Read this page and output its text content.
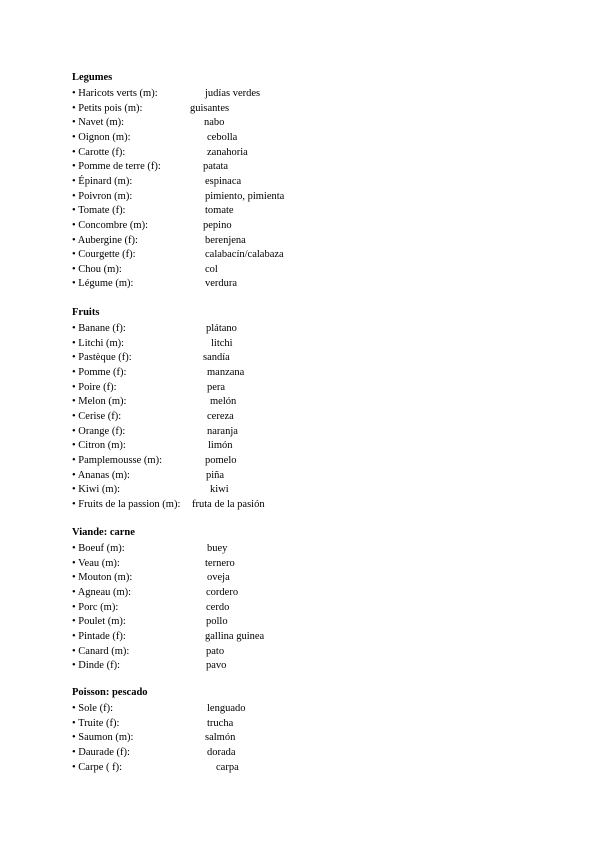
Legumes
• Haricots verts (m):	judías verdes
• Petits pois (m):	guisantes
• Navet (m):	nabo
• Oignon (m):	cebolla
• Carotte (f):	zanahoria
• Pomme de terre (f):	patata
• Épinard (m):	espinaca
• Poivron (m):	pimiento, pimienta
• Tomate (f):	tomate
• Concombre (m):	pepino
• Aubergine (f):	berenjena
• Courgette (f):	calabacín/calabaza
• Chou (m):	col
• Légume (m):	verdura
Fruits
• Banane (f):	plátano
• Litchi (m):	litchi
• Pastèque (f):	sandía
• Pomme (f):	manzana
• Poire (f):	pera
• Melon (m):	melón
• Cerise (f):	cereza
• Orange (f):	naranja
• Citron (m):	limón
• Pamplemousse (m):	pomelo
• Ananas (m):	piña
• Kiwi (m):	kiwi
• Fruits de la passion (m): fruta de la pasión
Viande: carne
• Boeuf (m):	buey
• Veau (m):	ternero
• Mouton (m):	oveja
• Agneau (m):	cordero
• Porc (m):	cerdo
• Poulet (m):	pollo
• Pintade (f):	gallina guinea
• Canard (m):	pato
• Dinde (f):	pavo
Poisson: pescado
• Sole (f):	lenguado
• Truite (f):	trucha
• Saumon (m):	salmón
• Daurade (f):	dorada
• Carpe ( f):	carpa
